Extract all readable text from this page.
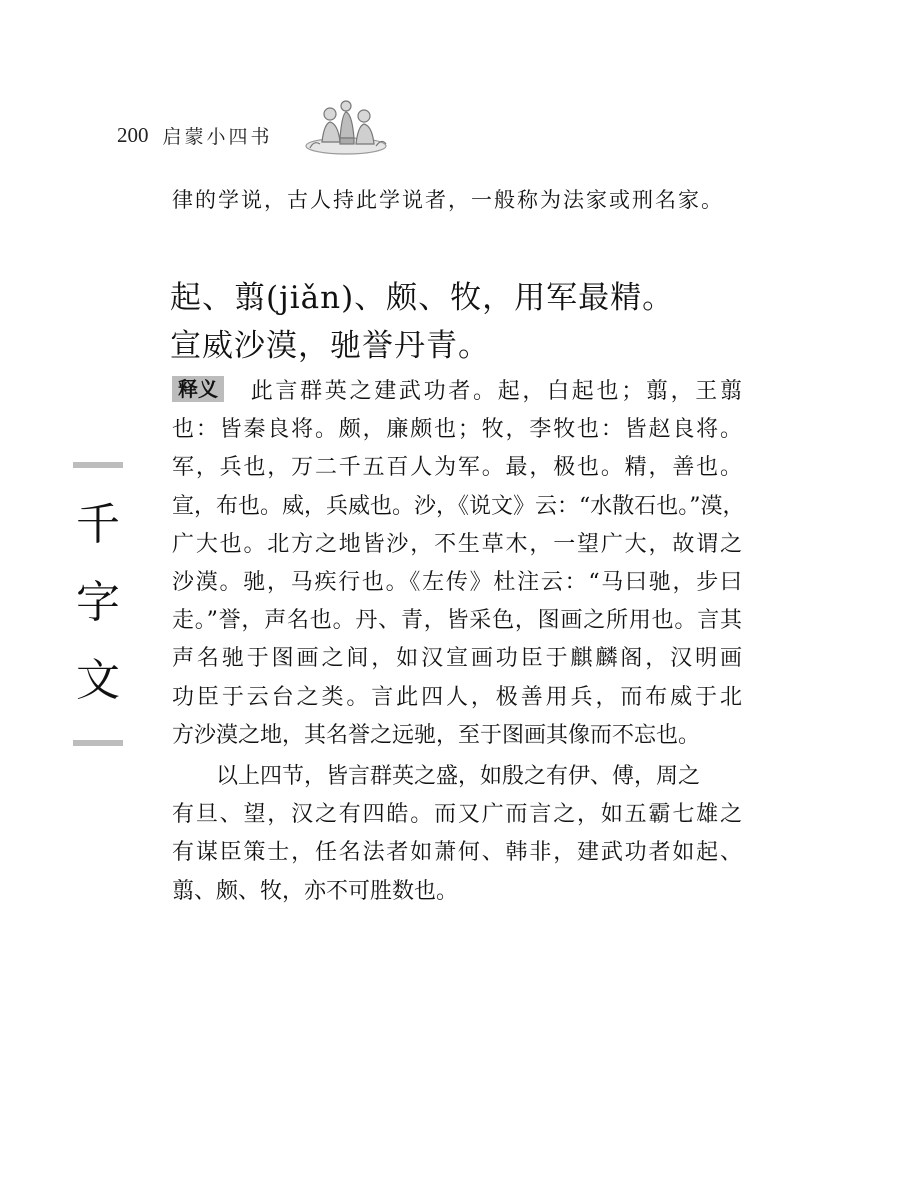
200 启蒙小四书
律的学说，古人持此学说者，一般称为法家或刑名家。
起、翦(jiǎn)、颇、牧，用军最精。
宣威沙漠，驰誉丹青。
千
字
文
释义 此言群英之建武功者。起，白起也；翦，王翦
也：皆秦良将。颇，廉颇也；牧，李牧也：皆赵良将。
军，兵也，万二千五百人为军。最，极也。精，善也。
宣，布也。威，兵威也。沙，《说文》云：“水散石也。”漠，
广大也。北方之地皆沙，不生草木，一望广大，故谓之
沙漠。驰，马疾行也。《左传》杜注云：“马曰驰，步曰
走。”誉，声名也。丹、青，皆采色，图画之所用也。言其
声名驰于图画之间，如汉宣画功臣于麒麟阁，汉明画
功臣于云台之类。言此四人，极善用兵，而布威于北
方沙漠之地，其名誉之远驰，至于图画其像而不忘也。
以上四节，皆言群英之盛，如殷之有伊、傅，周之
有旦、望，汉之有四皓。而又广而言之，如五霸七雄之
有谋臣策士，任名法者如萧何、韩非，建武功者如起、
翦、颇、牧，亦不可胜数也。
